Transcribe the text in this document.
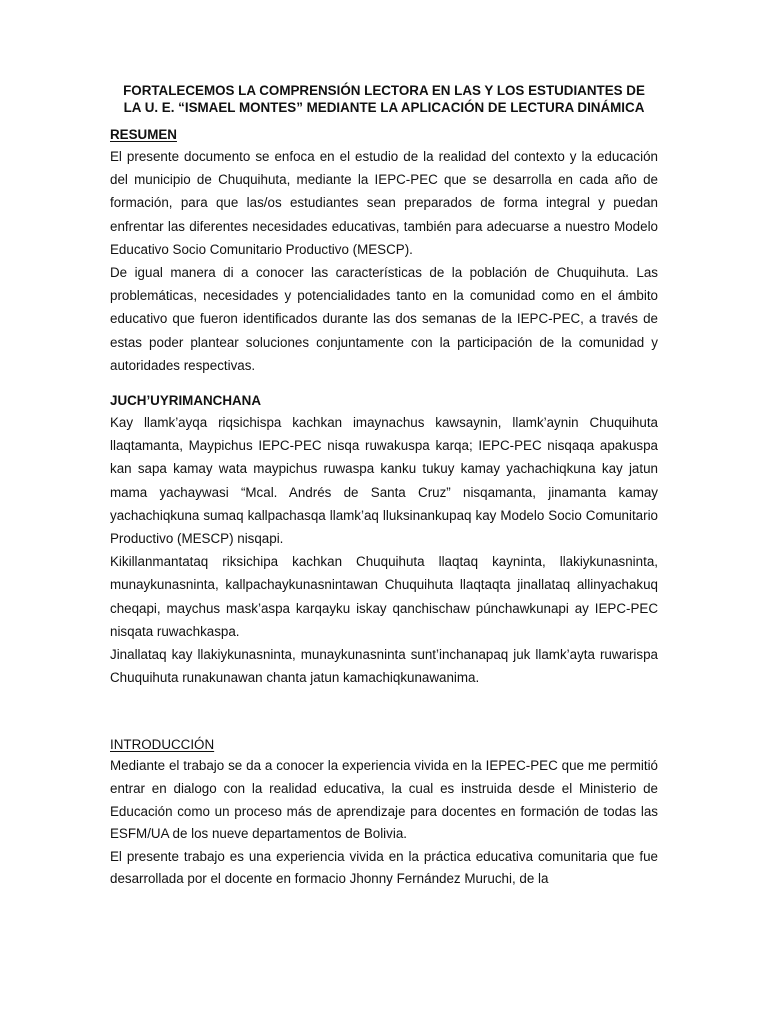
FORTALECEMOS LA COMPRENSIÓN LECTORA EN LAS Y LOS ESTUDIANTES DE LA U. E. “ISMAEL MONTES” MEDIANTE LA APLICACIÓN DE LECTURA DINÁMICA
RESUMEN

El presente documento se enfoca en el estudio de la realidad del contexto y la educación del municipio de Chuquihuta, mediante la IEPC-PEC que se desarrolla en cada año de formación, para que las/os estudiantes sean preparados de forma integral y puedan enfrentar las diferentes necesidades educativas, también para adecuarse a nuestro Modelo Educativo Socio Comunitario Productivo (MESCP).

De igual manera di a conocer las características de la población de Chuquihuta. Las problemáticas, necesidades y potencialidades tanto en la comunidad como en el ámbito educativo que fueron identificados durante las dos semanas de la IEPC-PEC, a través de estas poder plantear soluciones conjuntamente con la participación de la comunidad y autoridades respectivas.

JUCH’UYRIMANCHANA

Kay llamk’ayqa riqsichispa kachkan imaynachus kawsaynin, llamk’aynin Chuquihuta llaqtamanta, Maypichus IEPC-PEC nisqa ruwakuspa karqa; IEPC-PEC nisqaqa apakuspa kan sapa kamay wata maypichus ruwaspa kanku tukuy kamay yachachiqkuna kay jatun mama yachaywasi “Mcal. Andrés de Santa Cruz” nisqamanta, jinamanta kamay yachachiqkuna sumaq kallpachasqa llamk’aq lluksinankupaq kay Modelo Socio Comunitario Productivo (MESCP) nisqapi.

Kikillanmantataq riksichipa kachkan Chuquihuta llaqtaq kayninta, llakiykunasninta, munaykunasninta, kallpachaykunasnintawan Chuquihuta llaqtaqta jinallataq allinyachakuq cheqapi, maychus mask’aspa karqayku iskay qanchischaw púnchawkunapi ay IEPC-PEC nisqata ruwachkaspa.

Jinallataq kay llakiykunasninta, munaykunasninta sunt’inchanapaq juk llamk’ayta ruwarispa Chuquihuta runakunawan chanta jatun kamachiqkunawanima.

INTRODUCCIÓN

Mediante el trabajo se da a conocer la experiencia vivida en la IEPEC-PEC que me permitió entrar en dialogo con la realidad educativa, la cual es instruida desde el Ministerio de Educación como un proceso más de aprendizaje para docentes en formación de todas las ESFM/UA de los nueve departamentos de Bolivia.

El presente trabajo es una experiencia vivida en la práctica educativa comunitaria que fue desarrollada por el docente en formacio Jhonny Fernández Muruchi, de la
